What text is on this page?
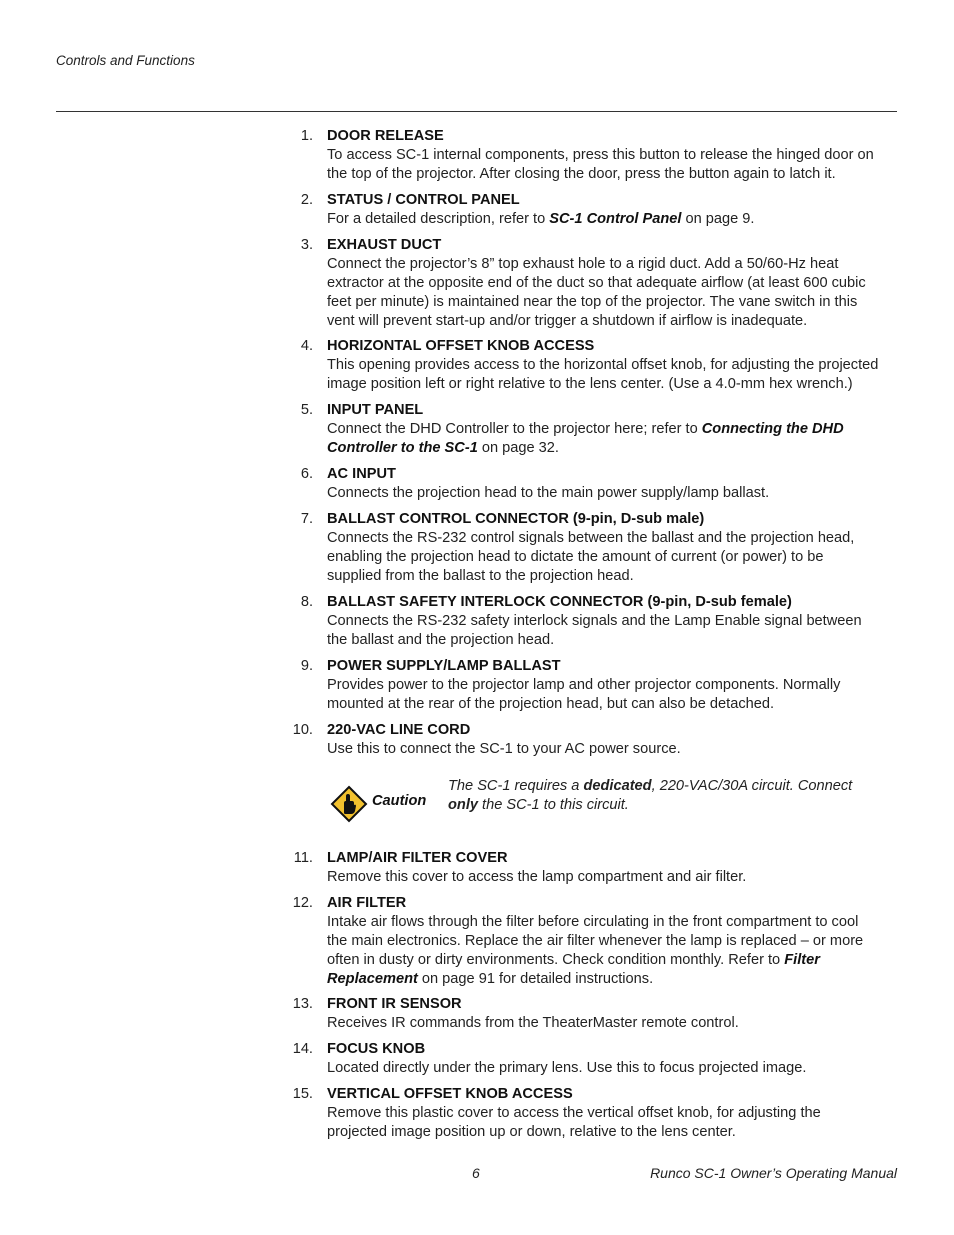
Controls and Functions
1. DOOR RELEASE
To access SC-1 internal components, press this button to release the hinged door on
the top of the projector. After closing the door, press the button again to latch it.
2. STATUS / CONTROL PANEL
For a detailed description, refer to SC-1 Control Panel on page 9.
3. EXHAUST DUCT
Connect the projector’s 8” top exhaust hole to a rigid duct. Add a 50/60-Hz heat
extractor at the opposite end of the duct so that adequate airflow (at least 600 cubic
feet per minute) is maintained near the top of the projector. The vane switch in this
vent will prevent start-up and/or trigger a shutdown if airflow is inadequate.
4. HORIZONTAL OFFSET KNOB ACCESS
This opening provides access to the horizontal offset knob, for adjusting the projected
image position left or right relative to the lens center. (Use a 4.0-mm hex wrench.)
5. INPUT PANEL
Connect the DHD Controller to the projector here; refer to Connecting the DHD
Controller to the SC-1 on page 32.
6. AC INPUT
Connects the projection head to the main power supply/lamp ballast.
7. BALLAST CONTROL CONNECTOR (9-pin, D-sub male)
Connects the RS-232 control signals between the ballast and the projection head,
enabling the projection head to dictate the amount of current (or power) to be
supplied from the ballast to the projection head.
8. BALLAST SAFETY INTERLOCK CONNECTOR (9-pin, D-sub female)
Connects the RS-232 safety interlock signals and the Lamp Enable signal between
the ballast and the projection head.
9. POWER SUPPLY/LAMP BALLAST
Provides power to the projector lamp and other projector components. Normally
mounted at the rear of the projection head, but can also be detached.
10. 220-VAC LINE CORD
Use this to connect the SC-1 to your AC power source.
Caution
The SC-1 requires a dedicated, 220-VAC/30A circuit. Connect
only the SC-1 to this circuit.
11. LAMP/AIR FILTER COVER
Remove this cover to access the lamp compartment and air filter.
12. AIR FILTER
Intake air flows through the filter before circulating in the front compartment to cool
the main electronics. Replace the air filter whenever the lamp is replaced – or more
often in dusty or dirty environments. Check condition monthly. Refer to Filter
Replacement on page 91 for detailed instructions.
13. FRONT IR SENSOR
Receives IR commands from the TheaterMaster remote control.
14. FOCUS KNOB
Located directly under the primary lens. Use this to focus projected image.
15. VERTICAL OFFSET KNOB ACCESS
Remove this plastic cover to access the vertical offset knob, for adjusting the
projected image position up or down, relative to the lens center.
6	Runco SC-1 Owner’s Operating Manual
